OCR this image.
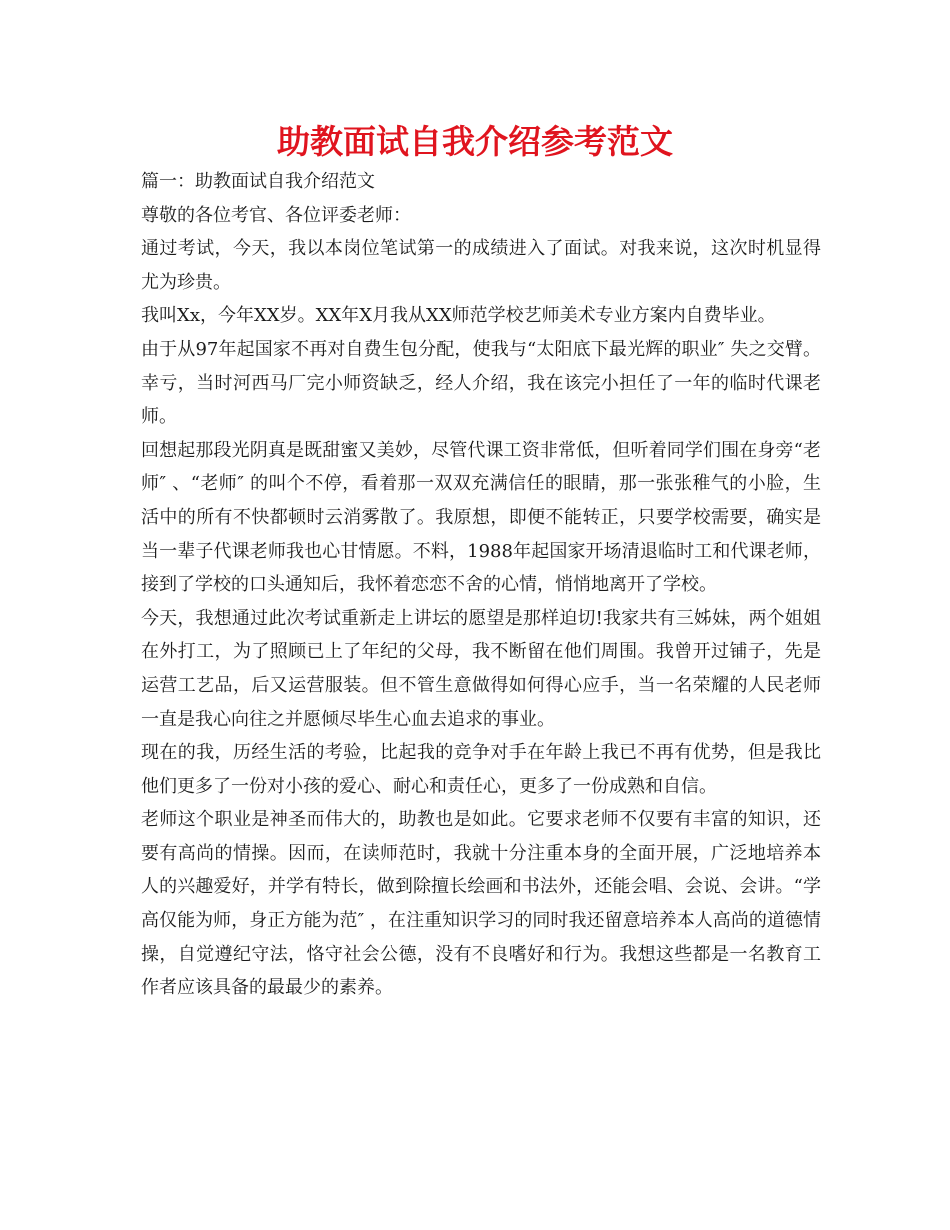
助教面试自我介绍参考范文

篇一：助教面试自我介绍范文

尊敬的各位考官、各位评委老师：

通过考试，今天，我以本岗位笔试第一的成绩进入了面试。对我来说，这次时机显得尤为珍贵。

我叫Xx，今年XX岁。XX年X月我从XX师范学校艺师美术专业方案内自费毕业。

由于从97年起国家不再对自费生包分配，使我与“太阳底下最光辉的职业″ 失之交臂。幸亏，当时河西马厂完小师资缺乏，经人介绍，我在该完小担任了一年的临时代课老师。

回想起那段光阴真是既甜蜜又美妙，尽管代课工资非常低，但听着同学们围在身旁“老师″ 、“老师″ 的叫个不停，看着那一双双充满信任的眼睛，那一张张稚气的小脸，生活中的所有不快都顿时云消雾散了。我原想，即便不能转正，只要学校需要，确实是当一辈子代课老师我也心甘情愿。不料，1988年起国家开场清退临时工和代课老师，接到了学校的口头通知后，我怀着恋恋不舍的心情，悄悄地离开了学校。

今天，我想通过此次考试重新走上讲坛的愿望是那样迫切!我家共有三姊妹，两个姐姐在外打工，为了照顾已上了年纪的父母，我不断留在他们周围。我曾开过铺子，先是运营工艺品，后又运营服装。但不管生意做得如何得心应手，当一名荣耀的人民老师一直是我心向往之并愿倾尽毕生心血去追求的事业。

现在的我，历经生活的考验，比起我的竞争对手在年龄上我已不再有优势，但是我比他们更多了一份对小孩的爱心、耐心和责任心，更多了一份成熟和自信。

老师这个职业是神圣而伟大的，助教也是如此。它要求老师不仅要有丰富的知识，还要有高尚的情操。因而，在读师范时，我就十分注重本身的全面开展，广泛地培养本人的兴趣爱好，并学有特长，做到除擅长绘画和书法外，还能会唱、会说、会讲。“学高仅能为师，身正方能为范″ ，在注重知识学习的同时我还留意培养本人高尚的道德情操，自觉遵纪守法，恪守社会公德，没有不良嗜好和行为。我想这些都是一名教育工作者应该具备的最最少的素养。
